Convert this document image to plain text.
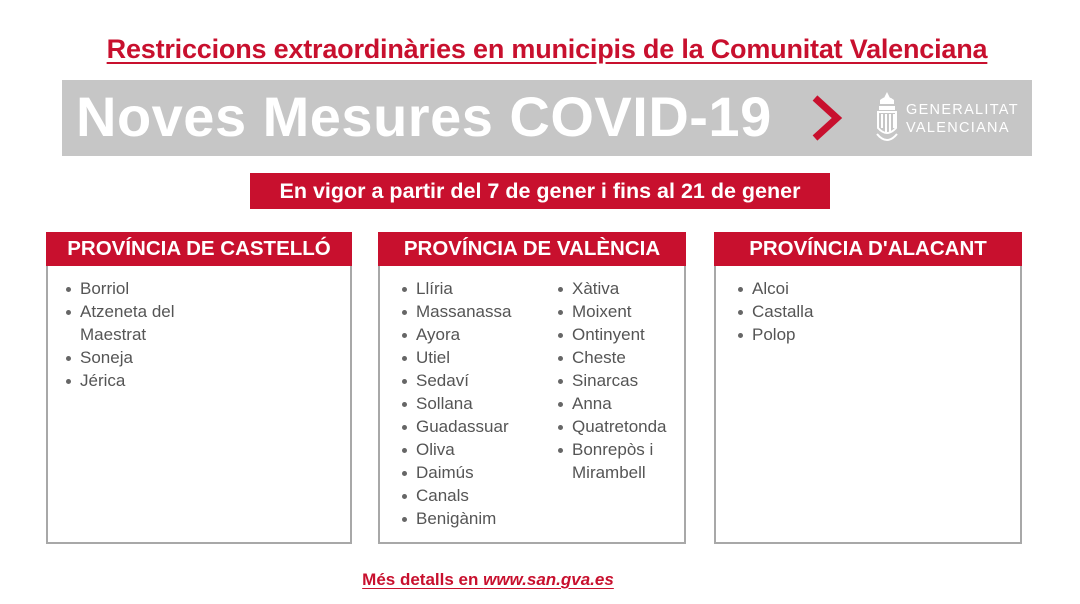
Restriccions extraordinàries en municipis de la Comunitat Valenciana
Noves Mesures COVID-19	GENERALITAT
VALENCIANA
En vigor a partir del 7 de gener i fins al 21 de gener
PROVÍNCIA DE CASTELLÓ
Borriol
Atzeneta del Maestrat
Soneja
Jérica
PROVÍNCIA DE VALÈNCIA
Llíria
Massanassa
Ayora
Utiel
Sedaví
Sollana
Guadassuar
Oliva
Daimús
Canals
Benigànim
Xàtiva
Moixent
Ontinyent
Cheste
Sinarcas
Anna
Quatretonda
Bonrepòs i Mirambell
PROVÍNCIA D'ALACANT
Alcoi
Castalla
Polop
Més detalls en www.san.gva.es
